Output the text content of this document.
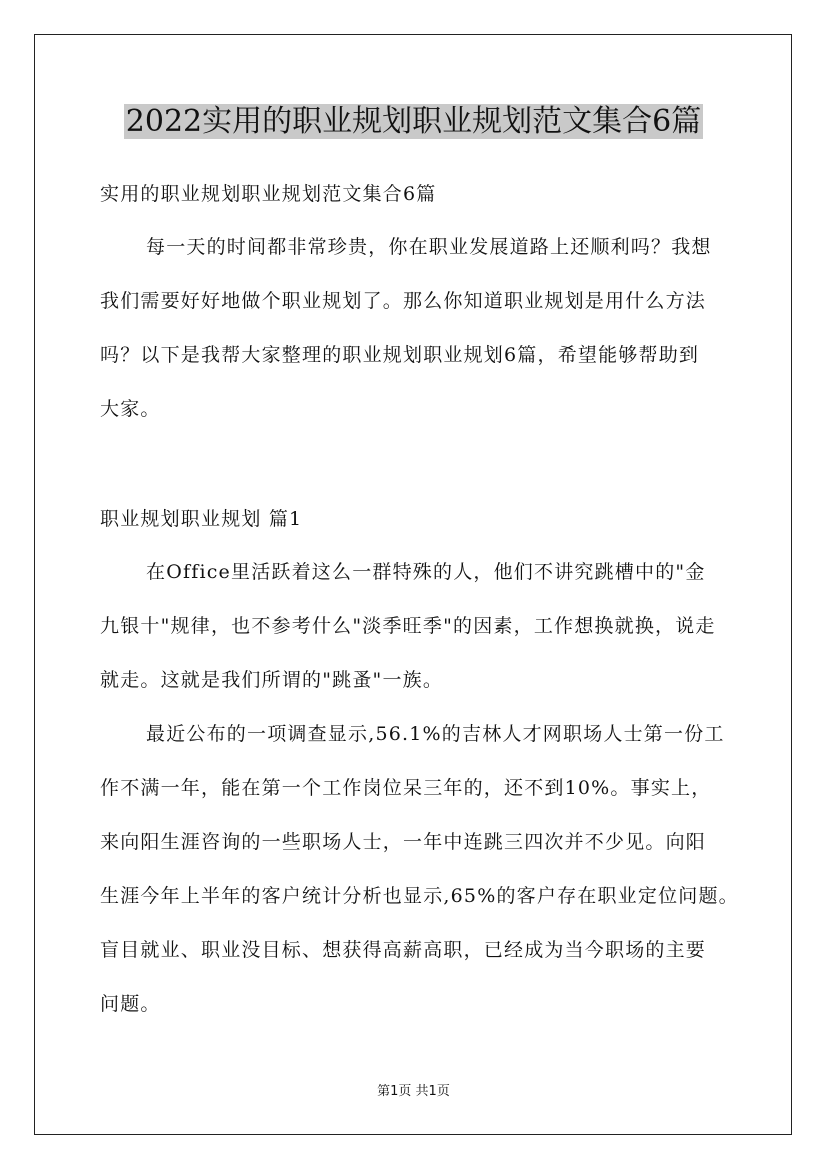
2022实用的职业规划职业规划范文集合6篇

实用的职业规划职业规划范文集合6篇

每一天的时间都非常珍贵，你在职业发展道路上还顺利吗？我想

我们需要好好地做个职业规划了。那么你知道职业规划是用什么方法

吗？以下是我帮大家整理的职业规划职业规划6篇，希望能够帮助到

大家。

职业规划职业规划 篇1

在Office里活跃着这么一群特殊的人，他们不讲究跳槽中的"金

九银十"规律，也不参考什么"淡季旺季"的因素，工作想换就换，说走

就走。这就是我们所谓的"跳蚤"一族。

最近公布的一项调查显示,56.1%的吉林人才网职场人士第一份工

作不满一年，能在第一个工作岗位呆三年的，还不到10%。事实上，

来向阳生涯咨询的一些职场人士，一年中连跳三四次并不少见。向阳

生涯今年上半年的客户统计分析也显示,65%的客户存在职业定位问题。

盲目就业、职业没目标、想获得高薪高职，已经成为当今职场的主要

问题。

第1页 共1页
